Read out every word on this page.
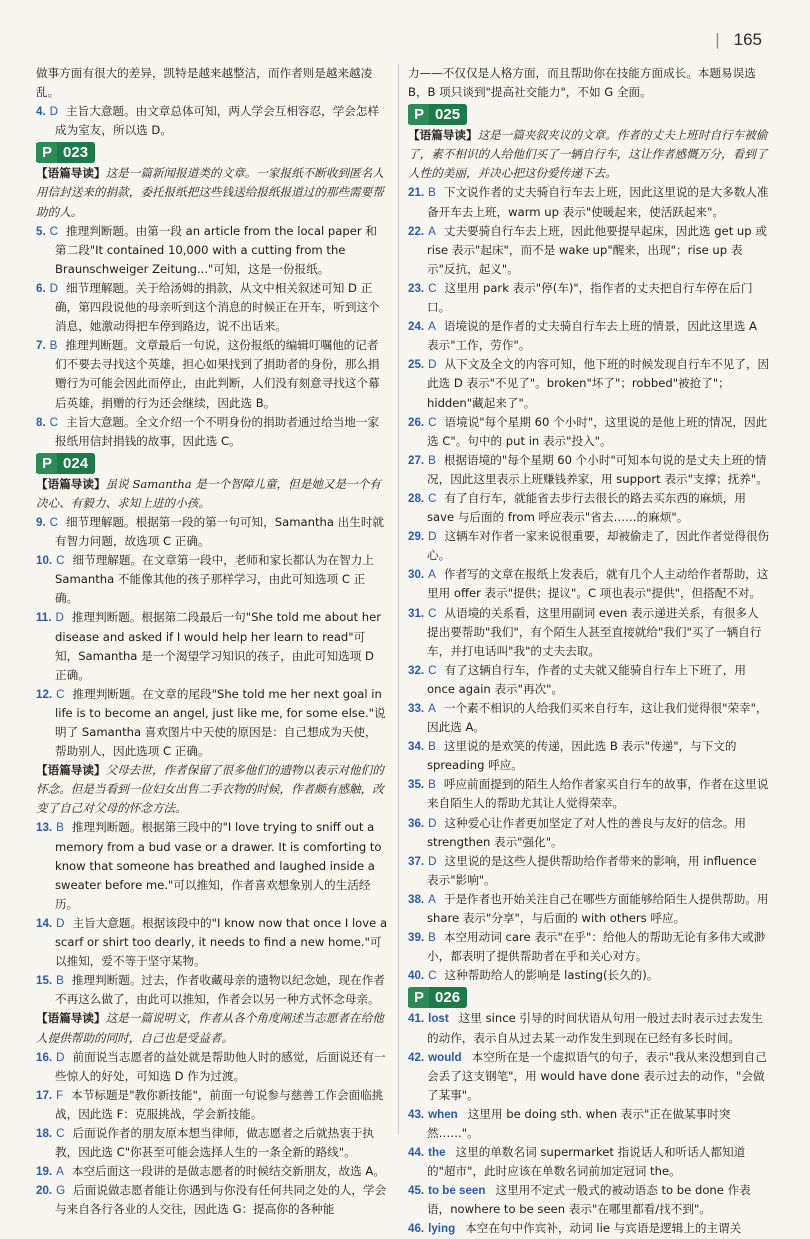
| 165

做事方面有很大的差异，凯特是越来越整洁，而作者则是越来越凌乱。

4. D 主旨大意题。由文章总体可知，两人学会互相容忍，学会怎样成为室友，所以选 D。

P 023

【语篇导读】这是一篇新闻报道类的文章。一家报纸不断收到匿名人用信封送来的捐款，委托报纸把这些钱送给报纸报道过的那些需要帮助的人。

5. C 推理判断题。由第一段 an article from the local paper 和第二段"It contained 10,000 with a cutting from the Braunschweiger Zeitung..."可知，这是一份报纸。

6. D 细节理解题。关于给汤姆的捐款，从文中相关叙述可知 D 正确，第四段说他的母亲听到这个消息的时候正在开车，听到这个消息，她激动得把车停到路边，说不出话来。

7. B 推理判断题。文章最后一句说，这份报纸的编辑叮嘱他的记者们不要去寻找这个英雄，担心如果找到了捐助者的身份，那么捐赠行为可能会因此而停止，由此判断，人们没有刻意寻找这个幕后英雄，捐赠的行为还会继续，因此选 B。

8. C 主旨大意题。全文介绍一个不明身份的捐助者通过给当地一家报纸用信封捐钱的故事，因此选 C。

P 024

【语篇导读】虽说 Samantha 是一个智障儿童，但是她又是一个有决心、有毅力、求知上进的小孩。

9. C 细节理解题。根据第一段的第一句可知，Samantha 出生时就有智力问题，故选项 C 正确。

10. C 细节理解题。在文章第一段中，老师和家长都认为在智力上 Samantha 不能像其他的孩子那样学习，由此可知选项 C 正确。

11. D 推理判断题。根据第二段最后一句"She told me about her disease and asked if I would help her learn to read"可知，Samantha 是一个渴望学习知识的孩子，由此可知选项 D 正确。

12. C 推理判断题。在文章的尾段"She told me her next goal in life is to become an angel, just like me, for some else."说明了 Samantha 喜欢图片中天使的原因是：自己想成为天使，帮助别人，因此选项 C 正确。

【语篇导读】父母去世，作者保留了很多他们的遗物以表示对他们的怀念。但是当看到一位妇女出售二手衣物的时候，作者颇有感触，改变了自己对父母的怀念方法。

13. B 推理判断题。根据第三段中的"I love trying to sniff out a memory from a bud vase or a drawer. It is comforting to know that someone has breathed and laughed inside a sweater before me."可以推知，作者喜欢想象别人的生活经历。

14. D 主旨大意题。根据该段中的"I know now that once I love a scarf or shirt too dearly, it needs to find a new home."可以推知，爱不等于坚守某物。

15. B 推理判断题。过去，作者收藏母亲的遗物以纪念她，现在作者不再这么做了，由此可以推知，作者会以另一种方式怀念母亲。

【语篇导读】这是一篇说明文，作者从各个角度阐述当志愿者在给他人提供帮助的同时，自己也是受益者。

16. D 前面说当志愿者的益处就是帮助他人时的感觉，后面说还有一些惊人的好处，可知选 D 作为过渡。

17. F 本节标题是"教你新技能"，前面一句说参与慈善工作会面临挑战，因此选 F：克服挑战，学会新技能。

18. C 后面说作者的朋友原本想当律师，做志愿者之后就热衷于执教，因此选 C"你甚至可能会选择人生的一条全新的路线"。

19. A 本空后面这一段讲的是做志愿者的时候结交新朋友，故选 A。

20. G 后面说做志愿者能让你遇到与你没有任何共同之处的人，学会与来自各行各业的人交往，因此选 G：提高你的各种能

力——不仅仅是人格方面，而且帮助你在技能方面成长。本题易误选 B，B 项只谈到"提高社交能力"，不如 G 全面。

P 025

【语篇导读】这是一篇夹叙夹议的文章。作者的丈夫上班时自行车被偷了，素不相识的人给他们买了一辆自行车，这让作者感慨万分，看到了人性的美丽，并决心把这份爱传递下去。

21. B 下文说作者的丈夫骑自行车去上班，因此这里说的是大多数人准备开车去上班，warm up 表示"使暖起来，使活跃起来"。

22. A 丈夫要骑自行车去上班，因此他要提早起床，因此选 get up 或 rise 表示"起床"，而不是 wake up"醒来，出现"；rise up 表示"反抗，起义"。

23. C 这里用 park 表示"停(车)"，指作者的丈夫把自行车停在后门口。

24. A 语境说的是作者的丈夫骑自行车去上班的情景，因此这里选 A 表示"工作，劳作"。

25. D 从下文及全文的内容可知，他下班的时候发现自行车不见了，因此选 D 表示"不见了"。broken"坏了"；robbed"被抢了"；hidden"藏起来了"。

26. C 语境说"每个星期 60 个小时"，这里说的是他上班的情况，因此选 C"。句中的 put in 表示"投入"。

27. B 根据语境的"每个星期 60 个小时"可知本句说的是丈夫上班的情况，因此这里表示上班赚钱养家，用 support 表示"支撑；抚养"。

28. C 有了自行车，就能省去步行去很长的路去买东西的麻烦，用 save 与后面的 from 呼应表示"省去……的麻烦"。

29. D 这辆车对作者一家来说很重要，却被偷走了，因此作者觉得很伤心。

30. A 作者写的文章在报纸上发表后，就有几个人主动给作者帮助，这里用 offer 表示"提供；提议"。C 项也表示"提供"，但搭配不对。

31. C 从语境的关系看，这里用副词 even 表示递进关系，有很多人提出要帮助"我们"，有个陌生人甚至直接就给"我们"买了一辆自行车，并打电话叫"我"的丈夫去取。

32. C 有了这辆自行车，作者的丈夫就又能骑自行车上下班了，用 once again 表示"再次"。

33. A 一个素不相识的人给我们买来自行车，这让我们觉得很"荣幸"，因此选 A。

34. B 这里说的是欢笑的传递，因此选 B 表示"传递"，与下文的 spreading 呼应。

35. B 呼应前面提到的陌生人给作者家买自行车的故事，作者在这里说来自陌生人的帮助尤其让人觉得荣幸。

36. D 这种爱心让作者更加坚定了对人性的善良与友好的信念。用 strengthen 表示"强化"。

37. D 这里说的是这些人提供帮助给作者带来的影响，用 influence 表示"影响"。

38. A 于是作者也开始关注自己在哪些方面能够给陌生人提供帮助。用 share 表示"分享"，与后面的 with others 呼应。

39. B 本空用动词 care 表示"在乎"：给他人的帮助无论有多伟大或渺小，都表明了提供帮助者在乎和关心对方。

40. C 这种帮助给人的影响是 lasting(长久的)。

P 026

41. lost 这里 since 引导的时间状语从句用一般过去时表示过去发生的动作，表示自从过去某一动作发生到现在已经有多长时间。

42. would 本空所在是一个虚拟语气的句子，表示"我从来没想到自己会丢了这支钢笔"，用 would have done 表示过去的动作，"会做了某事"。

43. when 这里用 be doing sth. when 表示"正在做某事时突然……"。

44. the 这里的单数名词 supermarket 指说话人和听话人都知道的"超市"，此时应该在单数名词前加定冠词 the。

45. to be seen 这里用不定式一般式的被动语态 to be done 作表语，nowhere to be seen 表示"在哪里都看/找不到"。

46. lying 本空在句中作宾补，动词 lie 与宾语是逻辑上的主谓关
